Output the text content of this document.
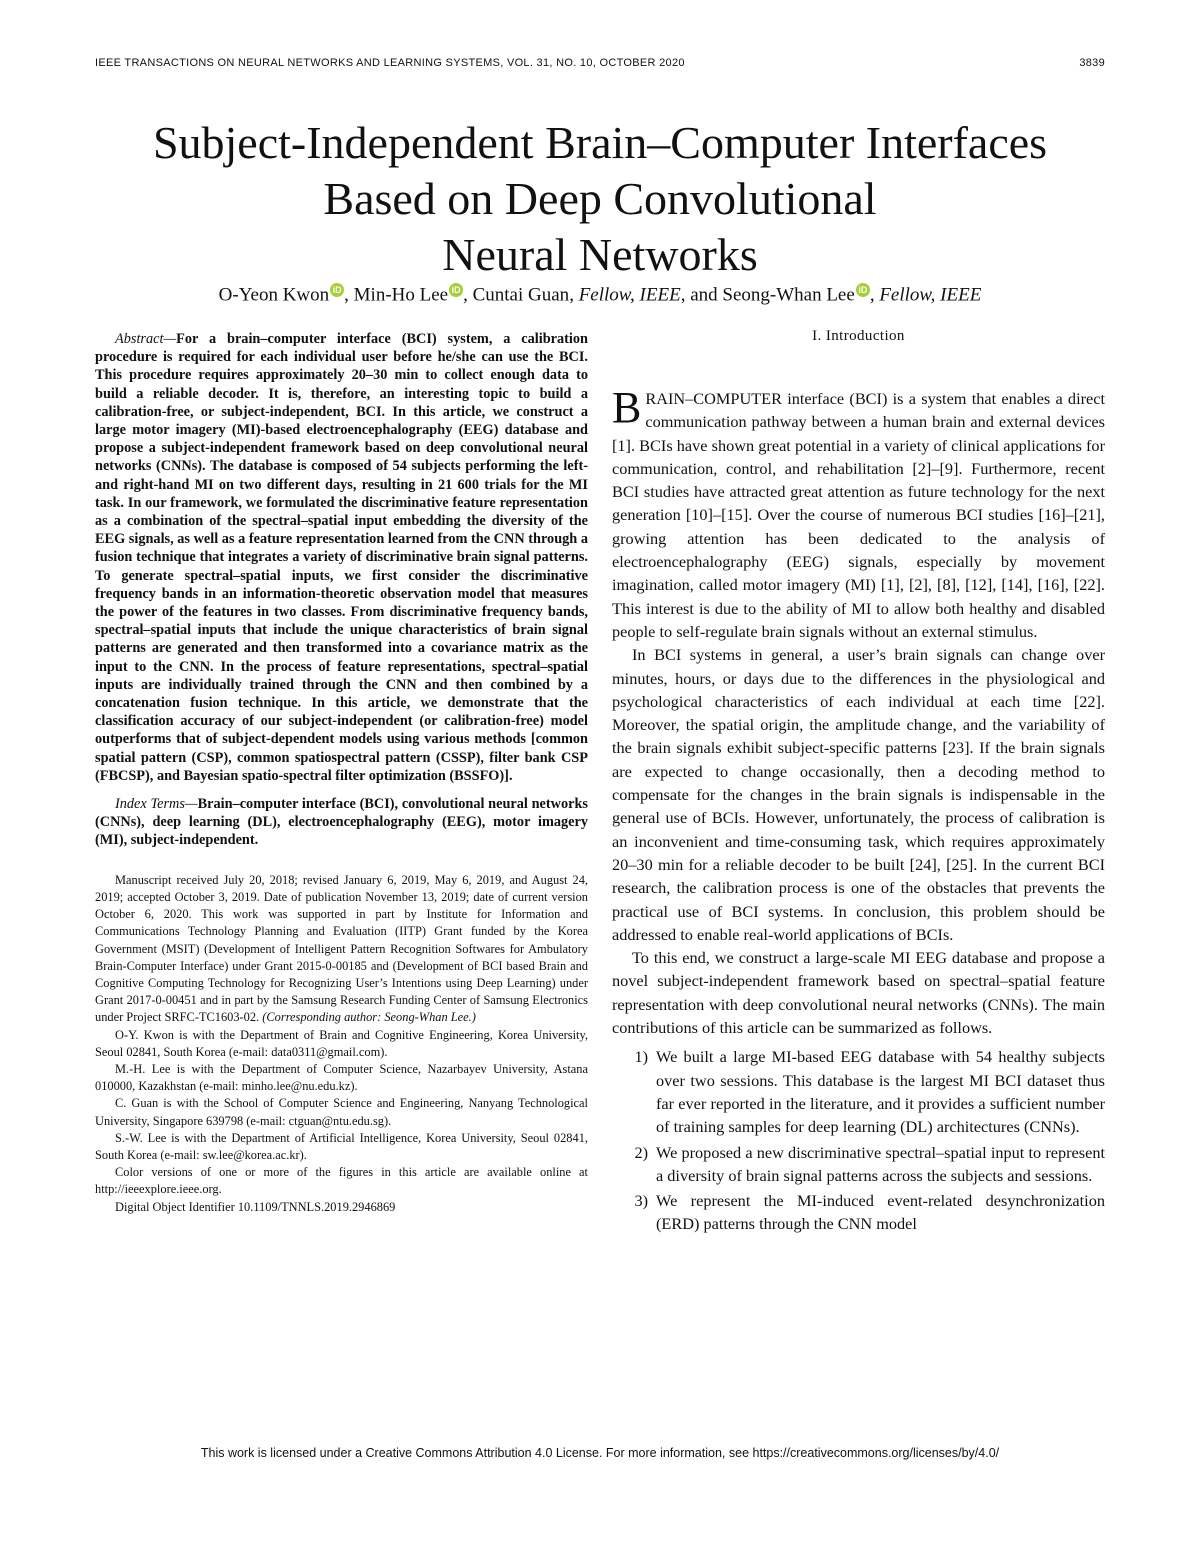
IEEE TRANSACTIONS ON NEURAL NETWORKS AND LEARNING SYSTEMS, VOL. 31, NO. 10, OCTOBER 2020	3839
Subject-Independent Brain–Computer Interfaces
Based on Deep Convolutional
Neural Networks
O-Yeon Kwon iD , Min-Ho Lee iD , Cuntai Guan, Fellow, IEEE, and Seong-Whan Lee iD , Fellow, IEEE

Abstract—For a brain–computer interface (BCI) system, a calibration procedure is required for each individual user before he/she can use the BCI. This procedure requires approximately 20–30 min to collect enough data to build a reliable decoder. It is, therefore, an interesting topic to build a calibration-free, or subject-independent, BCI. In this article, we construct a large motor imagery (MI)-based electroencephalography (EEG) database and propose a subject-independent framework based on deep convolutional neural networks (CNNs). The database is composed of 54 subjects performing the left- and right-hand MI on two different days, resulting in 21 600 trials for the MI task. In our framework, we formulated the discriminative feature representation as a combination of the spectral–spatial input embedding the diversity of the EEG signals, as well as a feature representation learned from the CNN through a fusion technique that integrates a variety of discriminative brain signal patterns. To generate spectral–spatial inputs, we first consider the discriminative frequency bands in an information-theoretic observation model that measures the power of the features in two classes. From discriminative frequency bands, spectral–spatial inputs that include the unique characteristics of brain signal patterns are generated and then transformed into a covariance matrix as the input to the CNN. In the process of feature representations, spectral–spatial inputs are individually trained through the CNN and then combined by a concatenation fusion technique. In this article, we demonstrate that the classification accuracy of our subject-independent (or calibration-free) model outperforms that of subject-dependent models using various methods [common spatial pattern (CSP), common spatiospectral pattern (CSSP), filter bank CSP (FBCSP), and Bayesian spatio-spectral filter optimization (BSSFO)].

Index Terms—Brain–computer interface (BCI), convolutional neural networks (CNNs), deep learning (DL), electroencephalography (EEG), motor imagery (MI), subject-independent.

Manuscript received July 20, 2018; revised January 6, 2019, May 6, 2019, and August 24, 2019; accepted October 3, 2019. Date of publication November 13, 2019; date of current version October 6, 2020. This work was supported in part by Institute for Information and Communications Technology Planning and Evaluation (IITP) Grant funded by the Korea Government (MSIT) (Development of Intelligent Pattern Recognition Softwares for Ambulatory Brain-Computer Interface) under Grant 2015-0-00185 and (Development of BCI based Brain and Cognitive Computing Technology for Recognizing User’s Intentions using Deep Learning) under Grant 2017-0-00451 and in part by the Samsung Research Funding Center of Samsung Electronics under Project SRFC-TC1603-02. (Corresponding author: Seong-Whan Lee.)

O-Y. Kwon is with the Department of Brain and Cognitive Engineering, Korea University, Seoul 02841, South Korea (e-mail: data0311@gmail.com).

M.-H. Lee is with the Department of Computer Science, Nazarbayev University, Astana 010000, Kazakhstan (e-mail: minho.lee@nu.edu.kz).

C. Guan is with the School of Computer Science and Engineering, Nanyang Technological University, Singapore 639798 (e-mail: ctguan@ntu.edu.sg).

S.-W. Lee is with the Department of Artificial Intelligence, Korea University, Seoul 02841, South Korea (e-mail: sw.lee@korea.ac.kr).

Color versions of one or more of the figures in this article are available online at http://ieeexplore.ieee.org.

Digital Object Identifier 10.1109/TNNLS.2019.2946869

I. Introduction

BRAIN–COMPUTER interface (BCI) is a system that enables a direct communication pathway between a human brain and external devices [1]. BCIs have shown great potential in a variety of clinical applications for communication, control, and rehabilitation [2]–[9]. Furthermore, recent BCI studies have attracted great attention as future technology for the next generation [10]–[15]. Over the course of numerous BCI studies [16]–[21], growing attention has been dedicated to the analysis of electroencephalography (EEG) signals, especially by movement imagination, called motor imagery (MI) [1], [2], [8], [12], [14], [16], [22]. This interest is due to the ability of MI to allow both healthy and disabled people to self-regulate brain signals without an external stimulus.

In BCI systems in general, a user’s brain signals can change over minutes, hours, or days due to the differences in the physiological and psychological characteristics of each individual at each time [22]. Moreover, the spatial origin, the amplitude change, and the variability of the brain signals exhibit subject-specific patterns [23]. If the brain signals are expected to change occasionally, then a decoding method to compensate for the changes in the brain signals is indispensable in the general use of BCIs. However, unfortunately, the process of calibration is an inconvenient and time-consuming task, which requires approximately 20–30 min for a reliable decoder to be built [24], [25]. In the current BCI research, the calibration process is one of the obstacles that prevents the practical use of BCI systems. In conclusion, this problem should be addressed to enable real-world applications of BCIs.

To this end, we construct a large-scale MI EEG database and propose a novel subject-independent framework based on spectral–spatial feature representation with deep convolutional neural networks (CNNs). The main contributions of this article can be summarized as follows.

1) We built a large MI-based EEG database with 54 healthy subjects over two sessions. This database is the largest MI BCI dataset thus far ever reported in the literature, and it provides a sufficient number of training samples for deep learning (DL) architectures (CNNs).
2) We proposed a new discriminative spectral–spatial input to represent a diversity of brain signal patterns across the subjects and sessions.
3) We represent the MI-induced event-related desynchronization (ERD) patterns through the CNN model
This work is licensed under a Creative Commons Attribution 4.0 License. For more information, see https://creativecommons.org/licenses/by/4.0/
